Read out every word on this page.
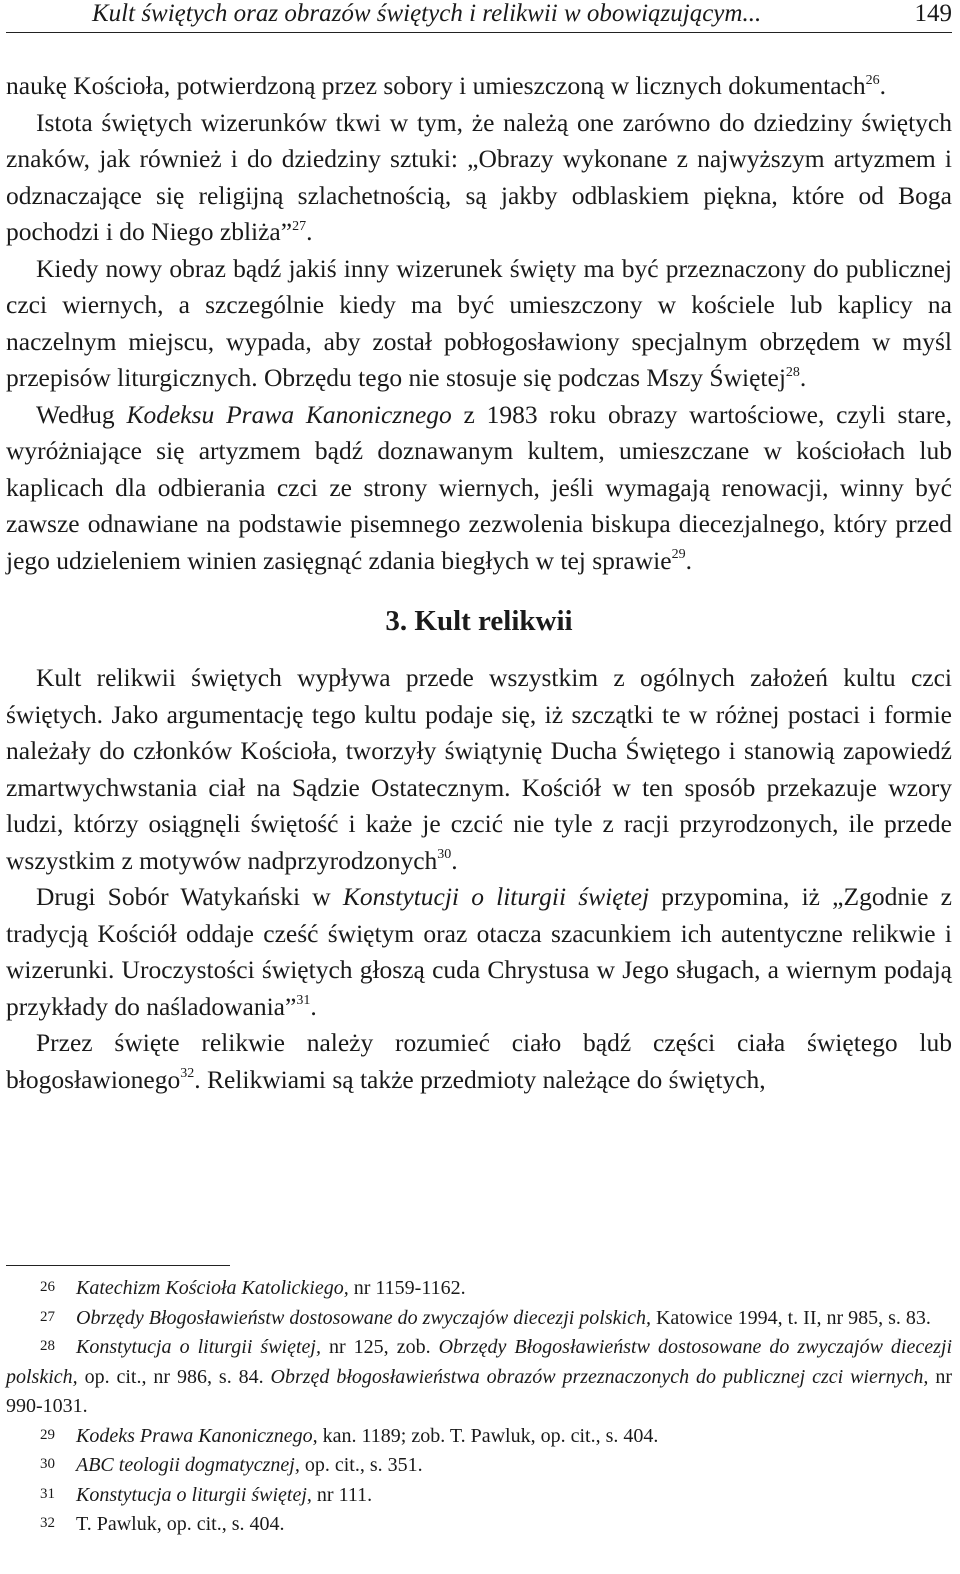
Kult świętych oraz obrazów świętych i relikwii w obowiązującym...	149

naukę Kościoła, potwierdzoną przez sobory i umieszczoną w licznych dokumentach$^{26}$.

Istota świętych wizerunków tkwi w tym, że należą one zarówno do dziedziny świętych znaków, jak również i do dziedziny sztuki: „Obrazy wykonane z najwyższym artyzmem i odznaczające się religijną szlachetnością, są jakby odblaskiem piękna, które od Boga pochodzi i do Niego zbliża”$^{27}$.

Kiedy nowy obraz bądź jakiś inny wizerunek święty ma być przeznaczony do publicznej czci wiernych, a szczególnie kiedy ma być umieszczony w kościele lub kaplicy na naczelnym miejscu, wypada, aby został pobłogosławiony specjalnym obrzędem w myśl przepisów liturgicznych. Obrzędu tego nie stosuje się podczas Mszy Świętej$^{28}$.

Według Kodeksu Prawa Kanonicznego z 1983 roku obrazy wartościowe, czyli stare, wyróżniające się artyzmem bądź doznawanym kultem, umieszczane w kościołach lub kaplicach dla odbierania czci ze strony wiernych, jeśli wymagają renowacji, winny być zawsze odnawiane na podstawie pisemnego zezwolenia biskupa diecezjalnego, który przed jego udzieleniem winien zasięgnąć zdania biegłych w tej sprawie$^{29}$.

3. Kult relikwii

Kult relikwii świętych wypływa przede wszystkim z ogólnych założeń kultu czci świętych. Jako argumentację tego kultu podaje się, iż szczątki te w różnej postaci i formie należały do członków Kościoła, tworzyły świątynię Ducha Świętego i stanowią zapowiedź zmartwychwstania ciał na Sądzie Ostatecznym. Kościół w ten sposób przekazuje wzory ludzi, którzy osiągnęli świętość i każe je czcić nie tyle z racji przyrodzonych, ile przede wszystkim z motywów nadprzyrodzonych$^{30}$.

Drugi Sobór Watykański w Konstytucji o liturgii świętej przypomina, iż „Zgodnie z tradycją Kościół oddaje cześć świętym oraz otacza szacunkiem ich autentyczne relikwie i wizerunki. Uroczystości świętych głoszą cuda Chrystusa w Jego sługach, a wiernym podają przykłady do naśladowania”$^{31}$.

Przez święte relikwie należy rozumieć ciało bądź części ciała świętego lub błogosławionego$^{32}$. Relikwiami są także przedmioty należące do świętych,

26 Katechizm Kościoła Katolickiego, nr 1159-1162.

27 Obrzędy Błogosławieństw dostosowane do zwyczajów diecezji polskich, Katowice 1994, t. II, nr 985, s. 83.

28 Konstytucja o liturgii świętej, nr 125, zob. Obrzędy Błogosławieństw dostosowane do zwyczajów diecezji polskich, op. cit., nr 986, s. 84. Obrzęd błogosławieństwa obrazów przeznaczonych do publicznej czci wiernych, nr 990-1031.

29 Kodeks Prawa Kanonicznego, kan. 1189; zob. T. Pawluk, op. cit., s. 404.

30 ABC teologii dogmatycznej, op. cit., s. 351.

31 Konstytucja o liturgii świętej, nr 111.

32 T. Pawluk, op. cit., s. 404.
